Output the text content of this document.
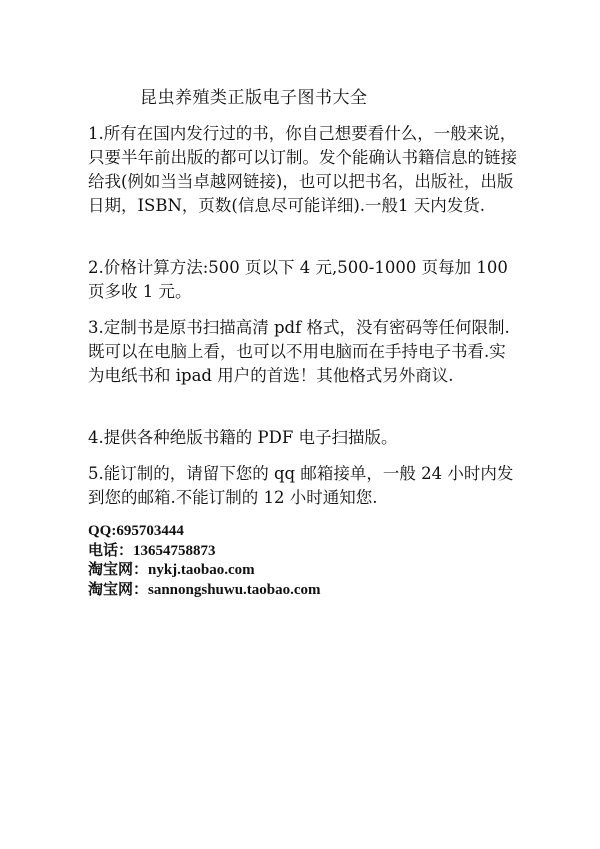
昆虫养殖类正版电子图书大全

1.所有在国内发行过的书，你自己想要看什么，一般来说，只要半年前出版的都可以订制。发个能确认书籍信息的链接给我(例如当当卓越网链接)，也可以把书名，出版社，出版日期，ISBN，页数(信息尽可能详细).一般1 天内发货.

2.价格计算方法:500 页以下 4 元,500-1000 页每加 100 页多收 1 元。

3.定制书是原书扫描高清 pdf 格式，没有密码等任何限制.既可以在电脑上看，也可以不用电脑而在手持电子书看.实为电纸书和 ipad 用户的首选！其他格式另外商议.

4.提供各种绝版书籍的 PDF 电子扫描版。

5.能订制的，请留下您的 qq 邮箱接单，一般 24 小时内发到您的邮箱.不能订制的 12 小时通知您.

QQ:695703444
电话：13654758873
淘宝网：nykj.taobao.com
淘宝网：sannongshuwu.taobao.com
